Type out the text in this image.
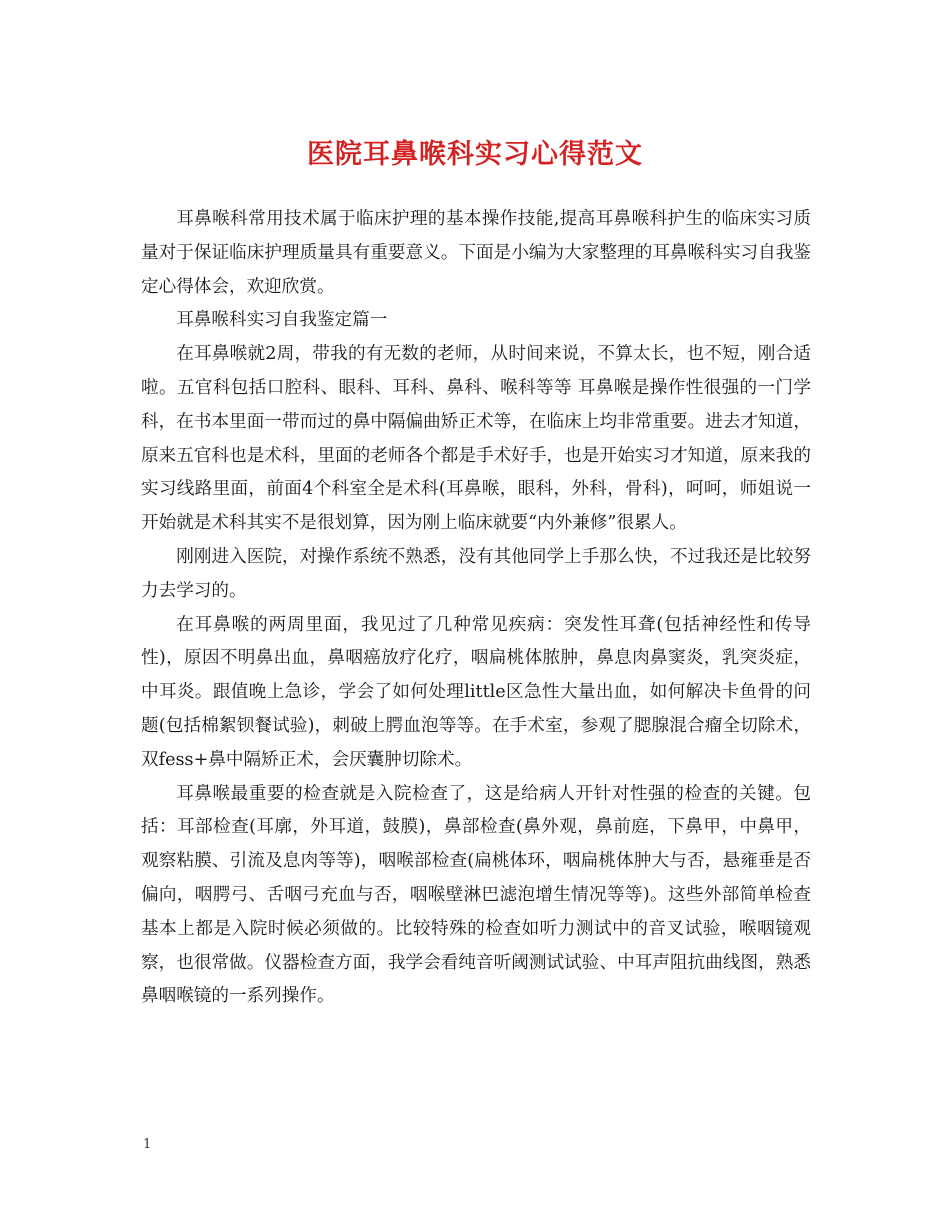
医院耳鼻喉科实习心得范文

耳鼻喉科常用技术属于临床护理的基本操作技能,提高耳鼻喉科护生的临床实习质量对于保证临床护理质量具有重要意义。下面是小编为大家整理的耳鼻喉科实习自我鉴定心得体会，欢迎欣赏。

耳鼻喉科实习自我鉴定篇一

在耳鼻喉就2周，带我的有无数的老师，从时间来说，不算太长，也不短，刚合适啦。五官科包括口腔科、眼科、耳科、鼻科、喉科等等 耳鼻喉是操作性很强的一门学科，在书本里面一带而过的鼻中隔偏曲矫正术等，在临床上均非常重要。进去才知道，原来五官科也是术科，里面的老师各个都是手术好手，也是开始实习才知道，原来我的实习线路里面，前面4个科室全是术科(耳鼻喉，眼科，外科，骨科)，呵呵，师姐说一开始就是术科其实不是很划算，因为刚上临床就要“内外兼修”很累人。

刚刚进入医院，对操作系统不熟悉，没有其他同学上手那么快，不过我还是比较努力去学习的。

在耳鼻喉的两周里面，我见过了几种常见疾病：突发性耳聋(包括神经性和传导性)，原因不明鼻出血，鼻咽癌放疗化疗，咽扁桃体脓肿，鼻息肉鼻窦炎，乳突炎症，中耳炎。跟值晚上急诊，学会了如何处理little区急性大量出血，如何解决卡鱼骨的问题(包括棉絮钡餐试验)，刺破上腭血泡等等。在手术室，参观了腮腺混合瘤全切除术，双fess+鼻中隔矫正术，会厌囊肿切除术。

耳鼻喉最重要的检查就是入院检查了，这是给病人开针对性强的检查的关键。包括：耳部检查(耳廓，外耳道，鼓膜)，鼻部检查(鼻外观，鼻前庭，下鼻甲，中鼻甲，观察粘膜、引流及息肉等等)，咽喉部检查(扁桃体环，咽扁桃体肿大与否，悬雍垂是否偏向，咽腭弓、舌咽弓充血与否，咽喉壁淋巴滤泡增生情况等等)。这些外部简单检查基本上都是入院时候必须做的。比较特殊的检查如听力测试中的音叉试验，喉咽镜观察，也很常做。仪器检查方面，我学会看纯音听阈测试试验、中耳声阻抗曲线图，熟悉鼻咽喉镜的一系列操作。

1
